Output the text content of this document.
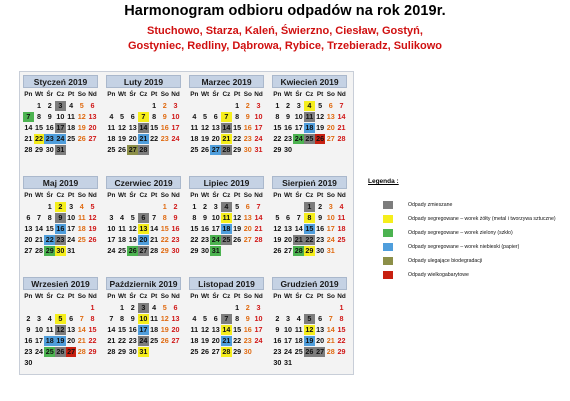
Harmonogram odbioru odpadów na rok 2019r.
Stuchowo, Starza, Kaleń, Świerzno, Ciesław, Gostyń,
Gostyniec, Redliny, Dąbrowa, Rybice, Trzebieradz, Sulikowo
Styczeń 2019
Pn Wt Śr Cz Pt So Nd
1 2 3 4 5 6
7 8 9 10 11 12 13
14 15 16 17 18 19 20
21 22 23 24 25 26 27
28 29 30 31
Luty 2019
Pn Wt Śr Cz Pt So Nd
1 2 3
4 5 6 7 8 9 10
11 12 13 14 15 16 17
18 19 20 21 22 23 24
25 26 27 28
Marzec 2019
Pn Wt Śr Cz Pt So Nd
1 2 3
4 5 6 7 8 9 10
11 12 13 14 15 16 17
18 19 20 21 22 23 24
25 26 27 28 29 30 31
Kwiecień 2019
Pn Wt Śr Cz Pt So Nd
1 2 3 4 5 6 7
8 9 10 11 12 13 14
15 16 17 18 19 20 21
22 23 24 25 26 27 28
29 30
Maj 2019
Pn Wt Śr Cz Pt So Nd
1 2 3 4 5
6 7 8 9 10 11 12
13 14 15 16 17 18 19
20 21 22 23 24 25 26
27 28 29 30 31
Czerwiec 2019
Pn Wt Śr Cz Pt So Nd
1 2
3 4 5 6 7 8 9
10 11 12 13 14 15 16
17 18 19 20 21 22 23
24 25 26 27 28 29 30
Lipiec 2019
Pn Wt Śr Cz Pt So Nd
1 2 3 4 5 6 7
8 9 10 11 12 13 14
15 16 17 18 19 20 21
22 23 24 25 26 27 28
29 30 31
Sierpień 2019
Pn Wt Śr Cz Pt So Nd
1 2 3 4
5 6 7 8 9 10 11
12 13 14 15 16 17 18
19 20 21 22 23 24 25
26 27 28 29 30 31
Wrzesień 2019
Pn Wt Śr Cz Pt So Nd
1
2 3 4 5 6 7 8
9 10 11 12 13 14 15
16 17 18 19 20 21 22
23 24 25 26 27 28 29
30
Październik 2019
Pn Wt Śr Cz Pt So Nd
1 2 3 4 5 6
7 8 9 10 11 12 13
14 15 16 17 18 19 20
21 22 23 24 25 26 27
28 29 30 31
Listopad 2019
Pn Wt Śr Cz Pt So Nd
1 2 3
4 5 6 7 8 9 10
11 12 13 14 15 16 17
18 19 20 21 22 23 24
25 26 27 28 29 30
Grudzień 2019
Pn Wt Śr Cz Pt So Nd
1
2 3 4 5 6 7 8
9 10 11 12 13 14 15
16 17 18 19 20 21 22
23 24 25 26 27 28 29
30 31
Legenda :
Odpady zmieszane
Odpady segregowane – worek żółty (metal i tworzywa sztuczne)
Odpady segregowane – worek zielony (szkło)
Odpady segregowane – worek niebieski (papier)
Odpady ulegające biodegradacji
Odpady wielkogabarytowe
